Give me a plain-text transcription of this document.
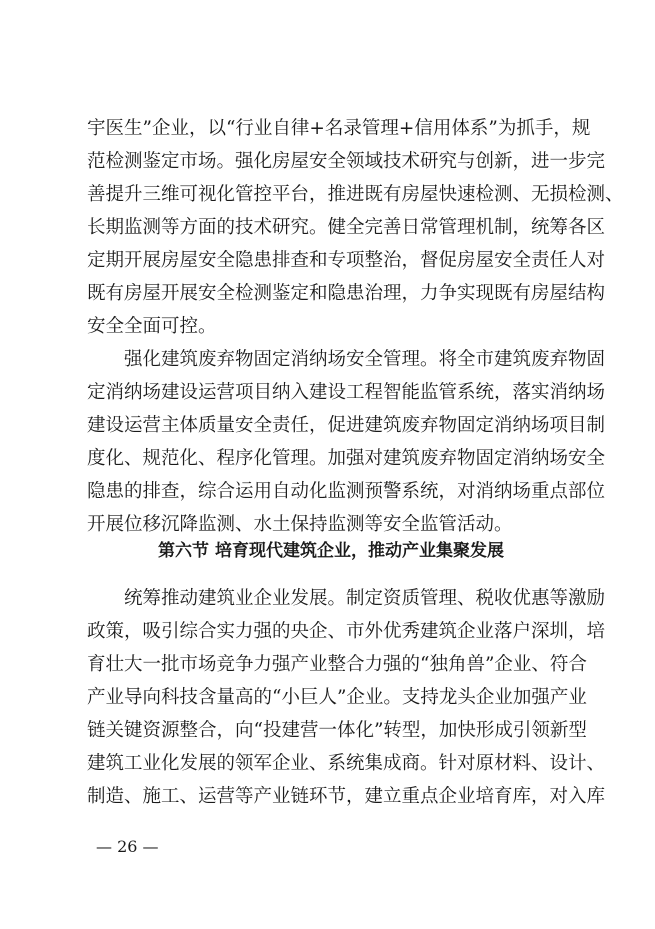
宇医生”企业，以“行业自律+名录管理+信用体系”为抓手，规
范检测鉴定市场。强化房屋安全领域技术研究与创新，进一步完
善提升三维可视化管控平台，推进既有房屋快速检测、无损检测、
长期监测等方面的技术研究。健全完善日常管理机制，统筹各区
定期开展房屋安全隐患排查和专项整治，督促房屋安全责任人对
既有房屋开展安全检测鉴定和隐患治理，力争实现既有房屋结构
安全全面可控。
强化建筑废弃物固定消纳场安全管理。将全市建筑废弃物固
定消纳场建设运营项目纳入建设工程智能监管系统，落实消纳场
建设运营主体质量安全责任，促进建筑废弃物固定消纳场项目制
度化、规范化、程序化管理。加强对建筑废弃物固定消纳场安全
隐患的排查，综合运用自动化监测预警系统，对消纳场重点部位
开展位移沉降监测、水土保持监测等安全监管活动。
第六节 培育现代建筑企业，推动产业集聚发展
统筹推动建筑业企业发展。制定资质管理、税收优惠等激励
政策，吸引综合实力强的央企、市外优秀建筑企业落户深圳，培
育壮大一批市场竞争力强产业整合力强的“独角兽”企业、符合
产业导向科技含量高的“小巨人”企业。支持龙头企业加强产业
链关键资源整合，向“投建营一体化”转型，加快形成引领新型
建筑工业化发展的领军企业、系统集成商。针对原材料、设计、
制造、施工、运营等产业链环节，建立重点企业培育库，对入库
— 26 —
